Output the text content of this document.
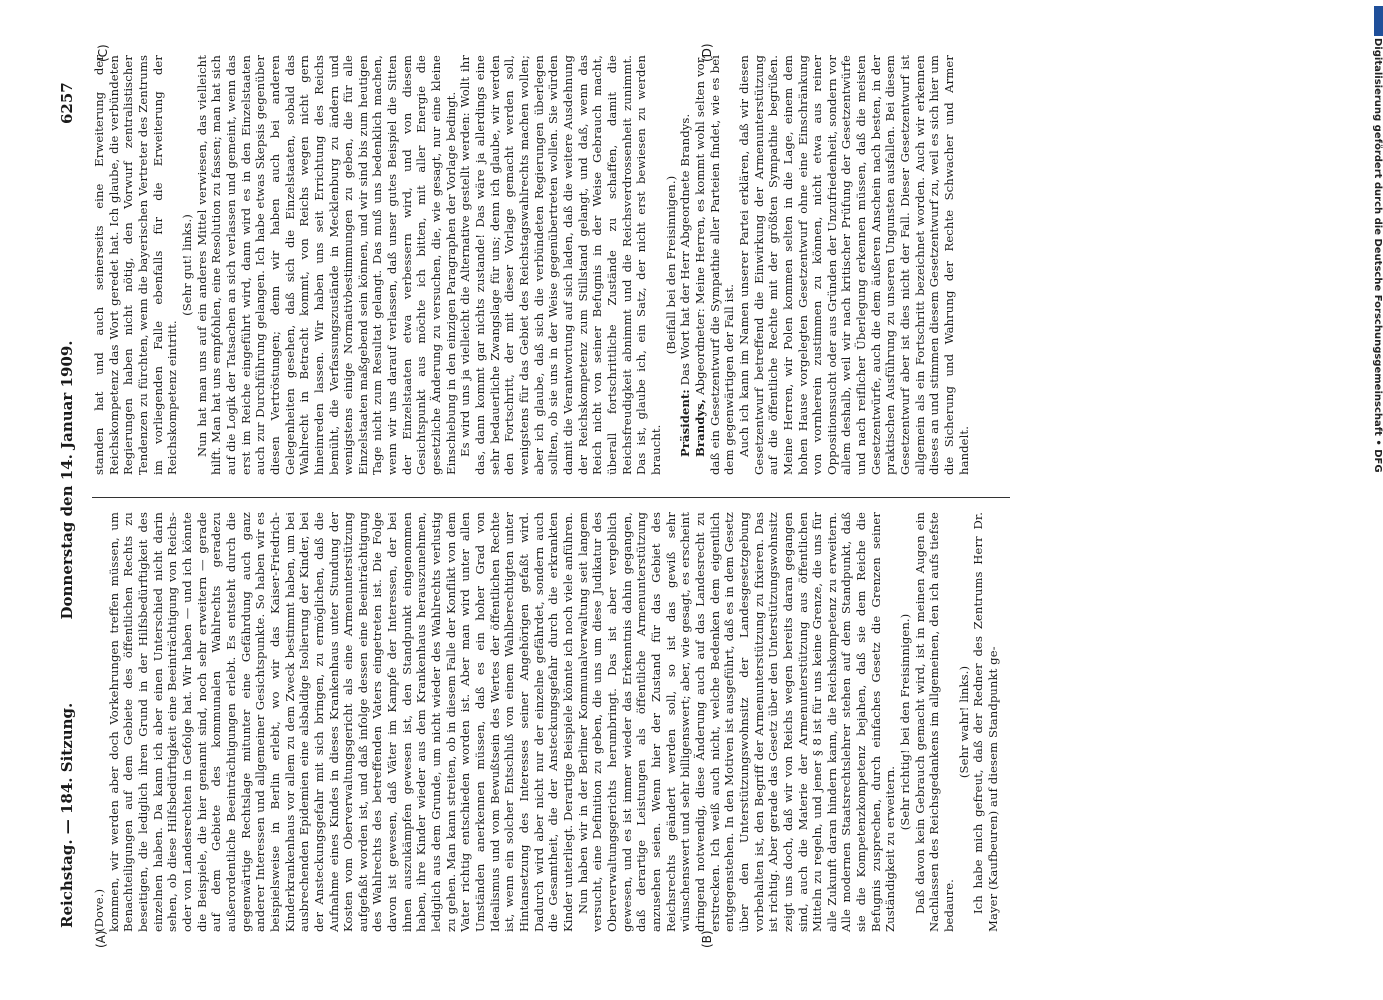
Reichstag. — 184. Sitzung.
Donnerstag den 14. Januar 1909.
6257
(A)	(B)
(C)	(D)

(Dove.) kommen, wir werden aber doch Vorkehrungen treffen müssen, um Benachteiligungen auf dem Gebiete des öffentlichen Rechts zu beseitigen, die lediglich ihren Grund in der Hilfsbedürftigkeit des einzelnen haben. Da kann ich aber einen Unterschied nicht darin sehen, ob diese Hilfsbedürftigkeit eine Beeinträchtigung von Reichs- oder von Landesrechten in Gefolge hat. Wir haben — und ich könnte die Beispiele, die hier genannt sind, noch sehr erweitern — gerade auf dem Gebiete des kommunalen Wahlrechts geradezu außerordentliche Beeinträchtigungen erlebt. Es entsteht durch die gegenwärtige Rechtslage mitunter eine Gefährdung auch ganz anderer Interessen und allgemeiner Gesichtspunkte. So haben wir es beispielsweise in Berlin erlebt, wo wir das Kaiser-Friedrich-Kinderkrankenhaus vor allem zu dem Zweck bestimmt haben, um bei ausbrechenden Epidemien eine alsbaldige Isolierung der Kinder, bei der Ansteckungsgefahr mit sich bringen, zu ermöglichen, daß die Aufnahme eines Kindes in dieses Krankenhaus unter Stundung der Kosten vom Oberverwaltungsgericht als eine Armenunterstützung aufgefaßt worden ist, und daß infolge dessen eine Beeinträchtigung des Wahlrechts des betreffenden Vaters eingetreten ist. Die Folge davon ist gewesen, daß Väter im Kampfe der Interessen, der bei ihnen auszukämpfen gewesen ist, den Standpunkt eingenommen haben, ihre Kinder wieder aus dem Krankenhaus herauszunehmen, lediglich aus dem Grunde, um nicht wieder des Wahlrechts verlustig zu gehen. Man kann streiten, ob in diesem Falle der Konflikt von dem Vater richtig entschieden worden ist. Aber man wird unter allen Umständen anerkennen müssen, daß es ein hoher Grad von Idealismus und vom Bewußtsein des Wertes der öffentlichen Rechte ist, wenn ein solcher Entschluß von einem Wahlberechtigten unter Hintansetzung des Interesses seiner Angehörigen gefaßt wird. Dadurch wird aber nicht nur der einzelne gefährdet, sondern auch die Gesamtheit, die der Ansteckungsgefahr durch die erkrankten Kinder unterliegt. Derartige Beispiele könnte ich noch viele anführen. Nun haben wir in der Berliner Kommunalverwaltung seit langem versucht, eine Definition zu geben, die uns um diese Judikatur des Oberverwaltungsgerichts herumbringt. Das ist aber vergeblich gewesen, und es ist immer wieder das Erkenntnis dahin gegangen, daß derartige Leistungen als öffentliche Armenunterstützung anzusehen seien. Wenn hier der Zustand für das Gebiet des Reichsrechts geändert werden soll, so ist das gewiß sehr wünschenswert und sehr billigenswert; aber, wie gesagt, es erscheint dringend notwendig, diese Änderung auch auf das Landesrecht zu erstrecken. Ich weiß auch nicht, welche Bedenken dem eigentlich entgegenstehen. In den Motiven ist ausgeführt, daß es in dem Gesetz über den Unterstützungswohnsitz der Landesgesetzgebung vorbehalten ist, den Begriff der Armenunterstützung zu fixieren. Das ist richtig. Aber gerade das Gesetz über den Unterstützungswohnsitz zeigt uns doch, daß wir von Reichs wegen bereits daran gegangen sind, auch die Materie der Armenunterstützung aus öffentlichen Mitteln zu regeln, und jener § 8 ist für uns keine Grenze, die uns für alle Zukunft daran hindern kann, die Reichskompetenz zu erweitern. Alle modernen Staatsrechtslehrer stehen auf dem Standpunkt, daß sie die Kompetenzkompetenz bejahen, daß sie dem Reiche die Befugnis zusprechen, durch einfaches Gesetz die Grenzen seiner Zuständigkeit zu erweitern.

(Sehr richtig! bei den Freisinnigen.) Daß davon kein Gebrauch gemacht wird, ist in meinen Augen ein Nachlassen des Reichsgedankens im allgemeinen, den ich aufs tiefste bedaure.

(Sehr wahr! links.) Ich habe mich gefreut, daß der Redner des Zentrums Herr Dr. Mayer (Kaufbeuren) auf diesem Standpunkt ge-

standen hat und auch seinerseits eine Erweiterung der Reichskompetenz das Wort geredet hat. Ich glaube, die verbündeten Regierungen haben nicht nötig, den Vorwurf zentralistischer Tendenzen zu fürchten, wenn die bayerischen Vertreter des Zentrums im vorliegenden Falle ebenfalls für die Erweiterung der Reichskompetenz eintritt.

(Sehr gut! links.) Nun hat man uns auf ein anderes Mittel verwiesen, das vielleicht hilft. Man hat uns empfohlen, eine Resolution zu fassen; man hat sich auf die Logik der Tatsachen an sich verlassen und gemeint, wenn das erst im Reiche eingeführt wird, dann wird es in den Einzelstaaten auch zur Durchführung gelangen. Ich habe etwas Skepsis gegenüber diesen Vertröstungen; denn wir haben auch bei anderen Gelegenheiten gesehen, daß sich die Einzelstaaten, sobald das Wahlrecht in Betracht kommt, von Reichs wegen nicht gern hineinreden lassen. Wir haben uns seit Errichtung des Reichs bemüht, die Verfassungszustände in Mecklenburg zu ändern und wenigstens einige Normativbestimmungen zu geben, die für alle Einzelstaaten maßgebend sein können, und wir sind bis zum heutigen Tage nicht zum Resultat gelangt. Das muß uns bedenklich machen, wenn wir uns darauf verlassen, daß unser gutes Beispiel die Sitten der Einzelstaaten etwa verbessern wird, und von diesem Gesichtspunkt aus möchte ich bitten, mit aller Energie die gesetzliche Änderung zu versuchen, die, wie gesagt, nur eine kleine Einschiebung in den einzigen Paragraphen der Vorlage bedingt. Es wird uns ja vielleicht die Alternative gestellt werden: Wollt ihr das, dann kommt gar nichts zustande! Das wäre ja allerdings eine sehr bedauerliche Zwangslage für uns; denn ich glaube, wir werden den Fortschritt, der mit dieser Vorlage gemacht werden soll, wenigstens für das Gebiet des Reichstagswahlrechts machen wollen; aber ich glaube, daß sich die verbündeten Regierungen überlegen sollten, ob sie uns in der Weise gegenübertreten wollen. Sie würden damit die Verantwortung auf sich laden, daß die weitere Ausdehnung der Reichskompetenz zum Stillstand gelangt, und daß, wenn das Reich nicht von seiner Befugnis in der Weise Gebrauch macht, überall fortschrittliche Zustände zu schaffen, damit die Reichsfreudigkeit abnimmt und die Reichsverdrossenheit zunimmt. Das ist, glaube ich, ein Satz, der nicht erst bewiesen zu werden braucht.

(Beifall bei den Freisinnigen.)

Präsident: Das Wort hat der Herr Abgeordnete Brandys.

Brandys, Abgeordneter: Meine Herren, es kommt wohl selten vor, daß ein Gesetzentwurf die Sympathie aller Parteien findet, wie es bei dem gegenwärtigen der Fall ist. Auch ich kann im Namen unserer Partei erklären, daß wir diesen Gesetzentwurf betreffend die Einwirkung der Armenunterstützung auf die öffentliche Rechte mit der größten Sympathie begrüßen. Meine Herren, wir Polen kommen selten in die Lage, einem dem hohen Hause vorgelegten Gesetzentwurf ohne eine Einschränkung von vornherein zustimmen zu können, nicht etwa aus reiner Oppositionssucht oder aus Gründen der Unzufriedenheit, sondern vor allem deshalb, weil wir nach kritischer Prüfung der Gesetzentwürfe und nach reiflicher Überlegung erkennen müssen, daß die meisten Gesetzentwürfe, auch die dem äußeren Anschein nach besten, in der praktischen Ausführung zu unseren Ungunsten ausfallen. Bei diesem Gesetzentwurf aber ist dies nicht der Fall. Dieser Gesetzentwurf ist allgemein als ein Fortschritt bezeichnet worden. Auch wir erkennen dieses an und stimmen diesem Gesetzentwurf zu, weil es sich hier um die Sicherung und Wahrung der Rechte Schwacher und Armer handelt.	Digitalisierung gefördert durch die Deutsche Forschungsgemeinschaft • DFG
